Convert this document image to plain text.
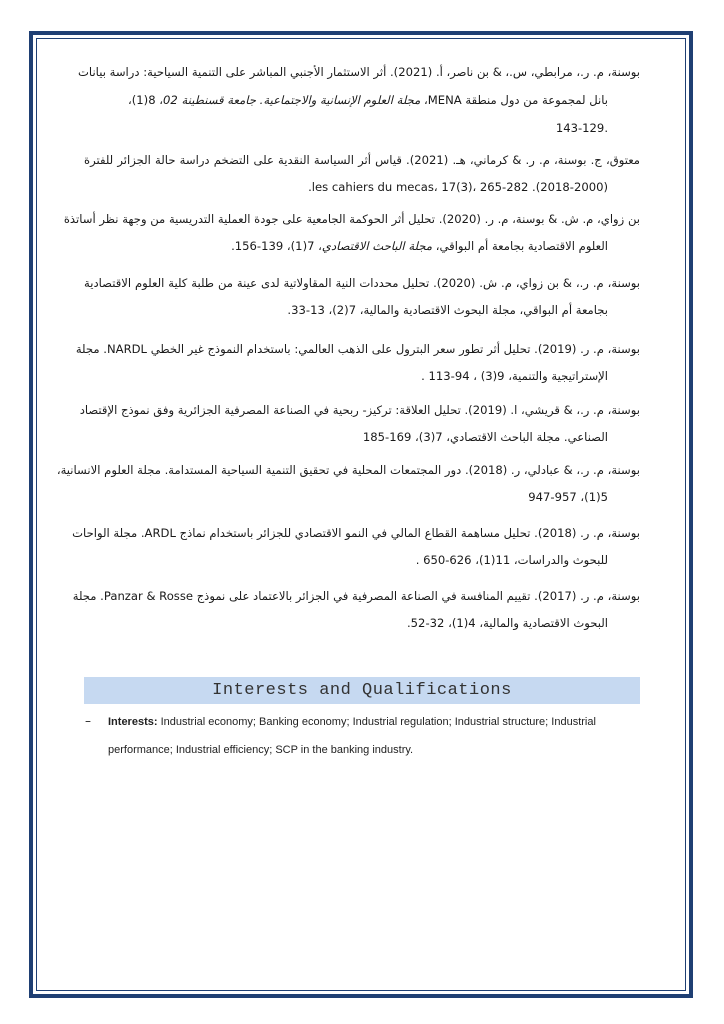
بوسنة، م. ر.، مرابطي، س.، & بن ناصر، أ. (2021). أثر الاستثمار الأجنبي المباشر على التنمية السياحية: دراسة بيانات
بانل لمجموعة من دول منطقة MENA، مجلة العلوم الإنسانية والاجتماعية. جامعة قسنطينة 02، 8(1)،
.143-129
معتوق، ج. بوسنة، م. ر. & كرماني، هـ. (2021). قياس أثر السياسة النقدية على التضخم دراسة حالة الجزائر للفترة
(2018-2000). les cahiers du mecas، 17(3)، 265-282.
بن زواي، م. ش. & بوسنة، م. ر. (2020). تحليل أثر الحوكمة الجامعية على جودة العملية التدريسية من وجهة نظر أساتذة
العلوم الاقتصادية بجامعة أم البواقي، مجلة الباحث الاقتصادي، 7(1)، 139-156.
بوسنة، م. ر.، & بن زواي، م. ش. (2020). تحليل محددات النية المقاولاتية لدى عينة من طلبة كلية العلوم الاقتصادية
بجامعة أم البواقي، مجلة البحوث الاقتصادية والمالية، 7(2)، 13-33.
بوسنة، م. ر. (2019). تحليل أثر تطور سعر البترول على الذهب العالمي: باستخدام النموذج غير الخطي NARDL. مجلة
الإستراتيجية والتنمية، 9(3) ، 94-113 .
بوسنة، م. ر.، & قريشي، ا. (2019). تحليل العلاقة: تركيز- ربحية في الصناعة المصرفية الجزائرية وفق نموذج الإقتصاد
الصناعي. مجلة الباحث الاقتصادي، 7(3)، 169-185
بوسنة، م. ر.، & عبادلي، ر. (2018). دور المجتمعات المحلية في تحقيق التنمية السياحية المستدامة. مجلة العلوم الانسانية،
5(1)، 947-957
بوسنة، م. ر. (2018). تحليل مساهمة القطاع المالي في النمو الاقتصادي للجزائر باستخدام نماذج ARDL. مجلة الواحات
للبحوث والدراسات، 11(1)، 626-650 .
بوسنة، م. ر. (2017). تقييم المنافسة في الصناعة المصرفية في الجزائر بالاعتماد على نموذج Panzar & Rosse. مجلة
البحوث الاقتصادية والمالية، 4(1)، 32-52.
Interests and Qualifications
– Interests: Industrial economy; Banking economy; Industrial regulation; Industrial structure; Industrial
performance; Industrial efficiency; SCP in the banking industry.
